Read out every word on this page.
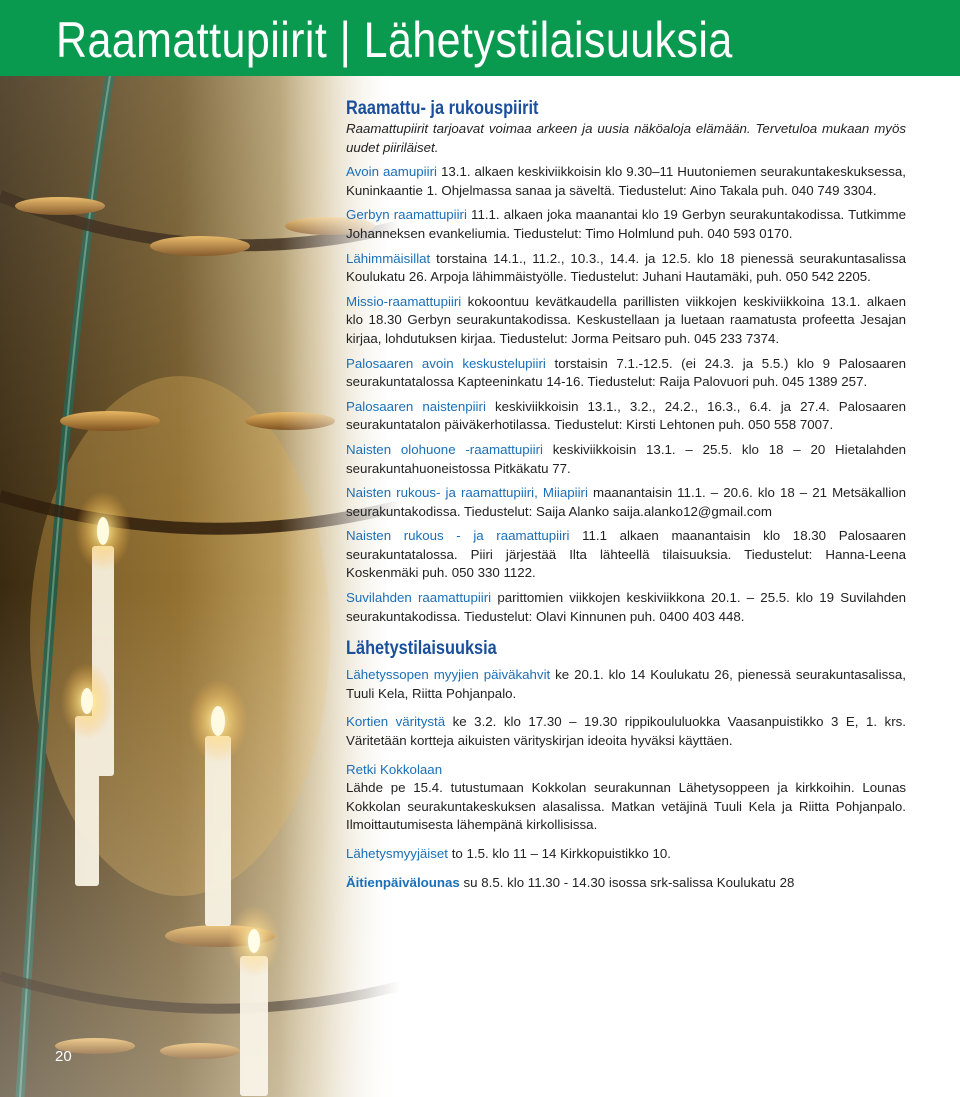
Raamattupiirit | Lähetystilaisuuksia
20
Raamattu- ja rukouspiirit

Raamattupiirit tarjoavat voimaa arkeen ja uusia näköaloja elämään. Tervetuloa mukaan myös uudet piiriläiset.

Avoin aamupiiri 13.1. alkaen keskiviikkoisin klo 9.30–11 Huutoniemen seurakuntakeskuksessa, Kuninkaantie 1. Ohjelmassa sanaa ja säveltä. Tiedustelut: Aino Takala puh. 040 749 3304.

Gerbyn raamattupiiri 11.1. alkaen joka maanantai klo 19 Gerbyn seurakuntakodissa. Tutkimme Johanneksen evankeliumia. Tiedustelut: Timo Holmlund puh. 040 593 0170.

Lähimmäisillat torstaina 14.1., 11.2., 10.3., 14.4. ja 12.5. klo 18 pienessä seurakuntasalissa Koulukatu 26. Arpoja lähimmäistyölle. Tiedustelut: Juhani Hautamäki, puh. 050 542 2205.

Missio-raamattupiiri kokoontuu kevätkaudella parillisten viikkojen keskiviikkoina 13.1. alkaen klo 18.30 Gerbyn seurakuntakodissa. Keskustellaan ja luetaan raamatusta profeetta Jesajan kirjaa, lohdutuksen kirjaa. Tiedustelut: Jorma Peitsaro puh. 045 233 7374.

Palosaaren avoin keskustelupiiri torstaisin 7.1.-12.5. (ei 24.3. ja 5.5.) klo 9 Palosaaren seurakuntatalossa Kapteeninkatu 14-16. Tiedustelut: Raija Palovuori puh. 045 1389 257.

Palosaaren naistenpiiri keskiviikkoisin 13.1., 3.2., 24.2., 16.3., 6.4. ja 27.4. Palosaaren seurakuntatalon päiväkerhotilassa. Tiedustelut: Kirsti Lehtonen puh. 050 558 7007.

Naisten olohuone -raamattupiiri keskiviikkoisin 13.1. – 25.5. klo 18 – 20 Hietalahden seurakuntahuoneistossa Pitkäkatu 77.

Naisten rukous- ja raamattupiiri, Miiapiiri maanantaisin 11.1. – 20.6. klo 18 – 21 Metsäkallion seurakuntakodissa. Tiedustelut: Saija Alanko saija.alanko12@gmail.com

Naisten rukous - ja raamattupiiri 11.1 alkaen maanantaisin klo 18.30 Palosaaren seurakuntatalossa. Piiri järjestää Ilta lähteellä tilaisuuksia. Tiedustelut: Hanna-Leena Koskenmäki puh. 050 330 1122.

Suvilahden raamattupiiri parittomien viikkojen keskiviikkona 20.1. – 25.5. klo 19 Suvilahden seurakuntakodissa. Tiedustelut: Olavi Kinnunen puh. 0400 403 448.

Lähetystilaisuuksia

Lähetyssopen myyjien päiväkahvit ke 20.1. klo 14 Koulukatu 26, pienessä seurakuntasalissa, Tuuli Kela, Riitta Pohjanpalo.

Kortien väritystä ke 3.2. klo 17.30 – 19.30 rippikoululuokka Vaasanpuistikko 3 E, 1. krs. Väritetään kortteja aikuisten värityskirjan ideoita hyväksi käyttäen.

Retki Kokkolaan
Lähde pe 15.4. tutustumaan Kokkolan seurakunnan Lähetysoppeen ja kirkkoihin. Lounas Kokkolan seurakuntakeskuksen alasalissa. Matkan vetäjinä Tuuli Kela ja Riitta Pohjanpalo. Ilmoittautumisesta lähempänä kirkollisissa.

Lähetysmyyjäiset to 1.5. klo 11 – 14 Kirkkopuistikko 10.

Äitienpäivälounas su 8.5. klo 11.30 - 14.30 isossa srk-salissa Koulukatu 28
